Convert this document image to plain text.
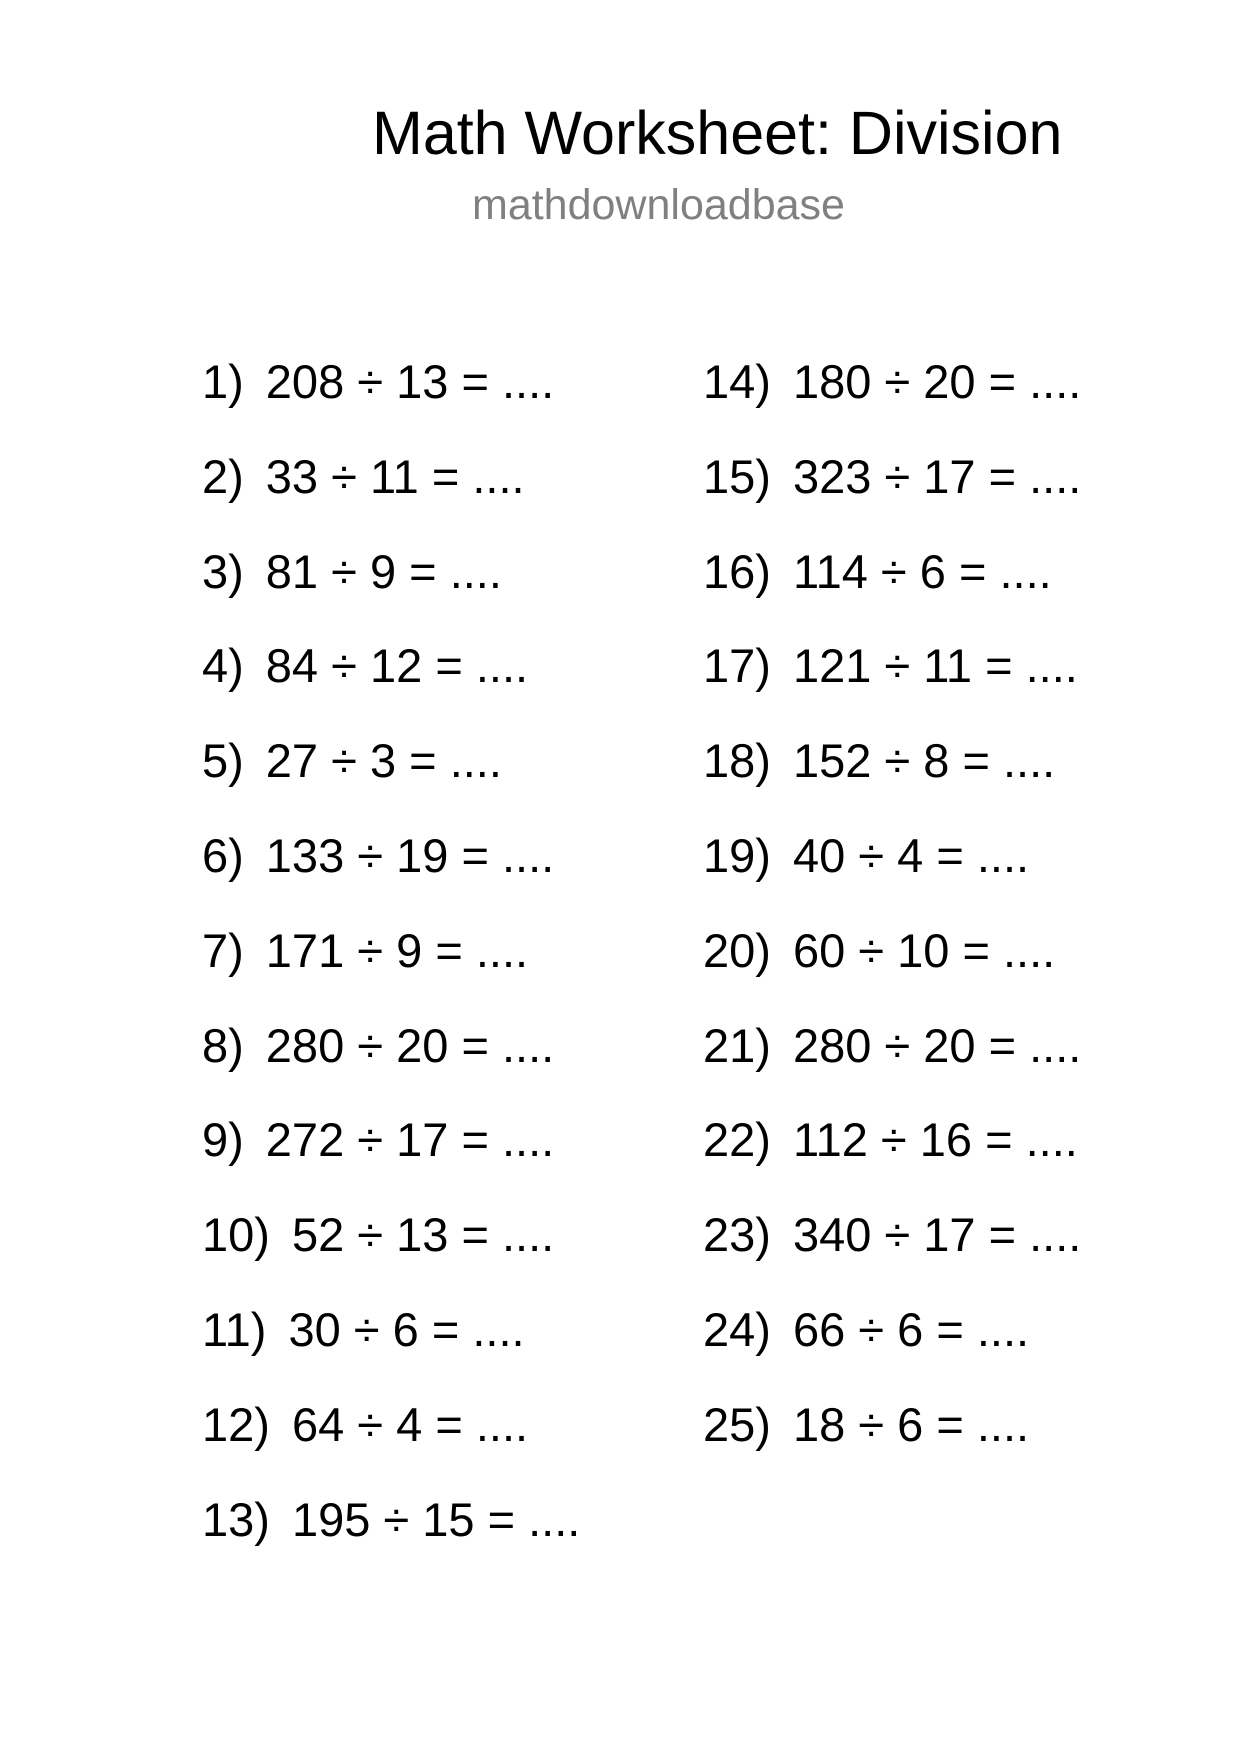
Math Worksheet: Division
mathdownloadbase
1) 208 ÷ 13 = ....
2) 33 ÷ 11 = ....
3) 81 ÷ 9 = ....
4) 84 ÷ 12 = ....
5) 27 ÷ 3 = ....
6) 133 ÷ 19 = ....
7) 171 ÷ 9 = ....
8) 280 ÷ 20 = ....
9) 272 ÷ 17 = ....
10) 52 ÷ 13 = ....
11) 30 ÷ 6 = ....
12) 64 ÷ 4 = ....
13) 195 ÷ 15 = ....
14) 180 ÷ 20 = ....
15) 323 ÷ 17 = ....
16) 114 ÷ 6 = ....
17) 121 ÷ 11 = ....
18) 152 ÷ 8 = ....
19) 40 ÷ 4 = ....
20) 60 ÷ 10 = ....
21) 280 ÷ 20 = ....
22) 112 ÷ 16 = ....
23) 340 ÷ 17 = ....
24) 66 ÷ 6 = ....
25) 18 ÷ 6 = ....
